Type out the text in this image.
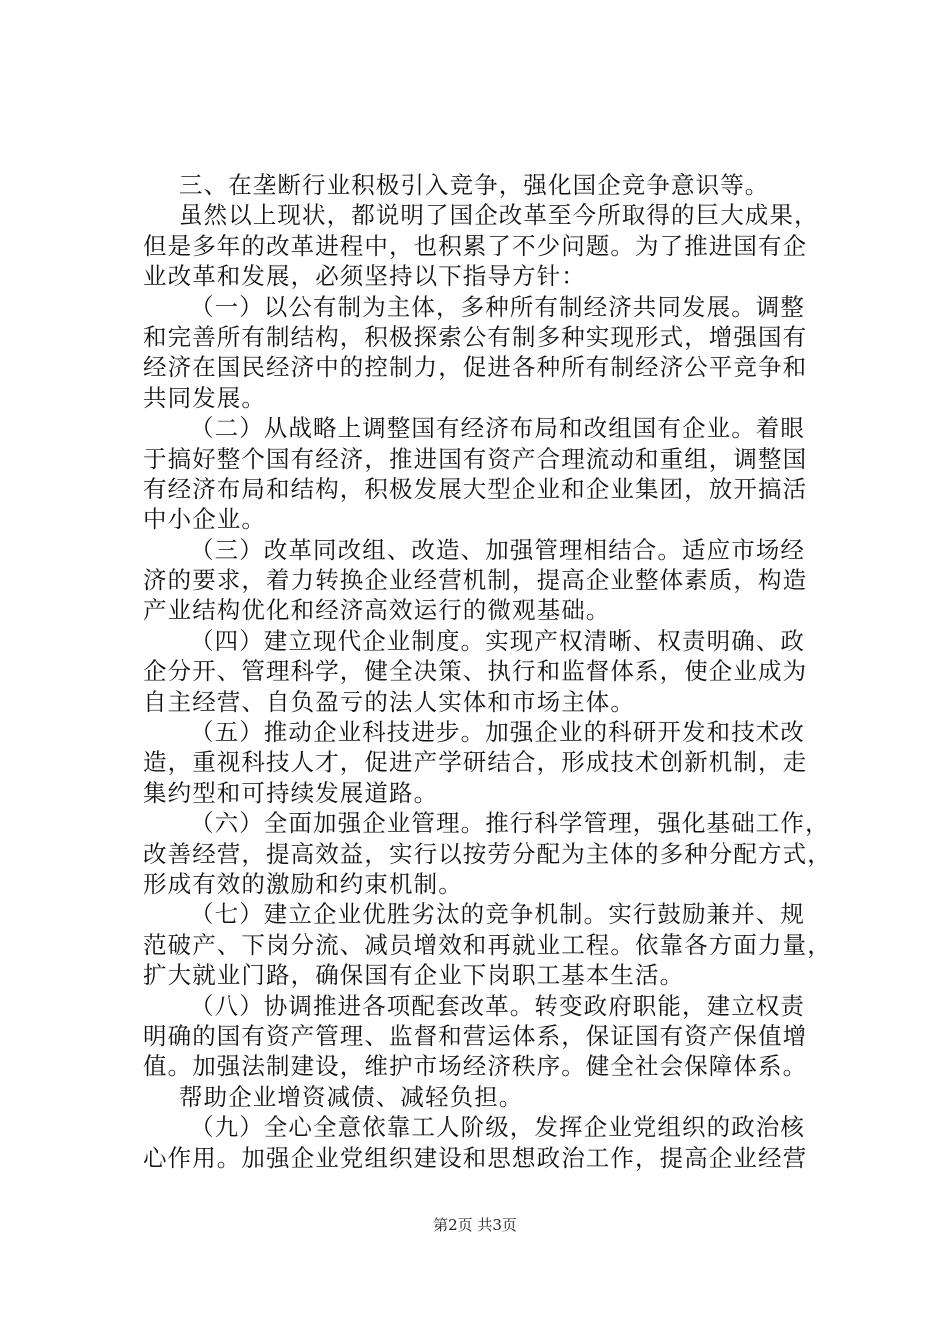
三、在垄断行业积极引入竞争，强化国企竞争意识等。
虽然以上现状，都说明了国企改革至今所取得的巨大成果，
但是多年的改革进程中，也积累了不少问题。为了推进国有企
业改革和发展，必须坚持以下指导方针：
（一）以公有制为主体，多种所有制经济共同发展。调整
和完善所有制结构，积极探索公有制多种实现形式，增强国有
经济在国民经济中的控制力，促进各种所有制经济公平竞争和
共同发展。
（二）从战略上调整国有经济布局和改组国有企业。着眼
于搞好整个国有经济，推进国有资产合理流动和重组，调整国
有经济布局和结构，积极发展大型企业和企业集团，放开搞活
中小企业。
（三）改革同改组、改造、加强管理相结合。适应市场经
济的要求，着力转换企业经营机制，提高企业整体素质，构造
产业结构优化和经济高效运行的微观基础。
（四）建立现代企业制度。实现产权清晰、权责明确、政
企分开、管理科学，健全决策、执行和监督体系，使企业成为
自主经营、自负盈亏的法人实体和市场主体。
（五）推动企业科技进步。加强企业的科研开发和技术改
造，重视科技人才，促进产学研结合，形成技术创新机制，走
集约型和可持续发展道路。
（六）全面加强企业管理。推行科学管理，强化基础工作，
改善经营，提高效益，实行以按劳分配为主体的多种分配方式，
形成有效的激励和约束机制。
（七）建立企业优胜劣汰的竞争机制。实行鼓励兼并、规
范破产、下岗分流、减员增效和再就业工程。依靠各方面力量，
扩大就业门路，确保国有企业下岗职工基本生活。
（八）协调推进各项配套改革。转变政府职能，建立权责
明确的国有资产管理、监督和营运体系，保证国有资产保值增
值。加强法制建设，维护市场经济秩序。健全社会保障体系。
帮助企业增资减债、减轻负担。
（九）全心全意依靠工人阶级，发挥企业党组织的政治核
心作用。加强企业党组织建设和思想政治工作，提高企业经营
第2页 共3页
